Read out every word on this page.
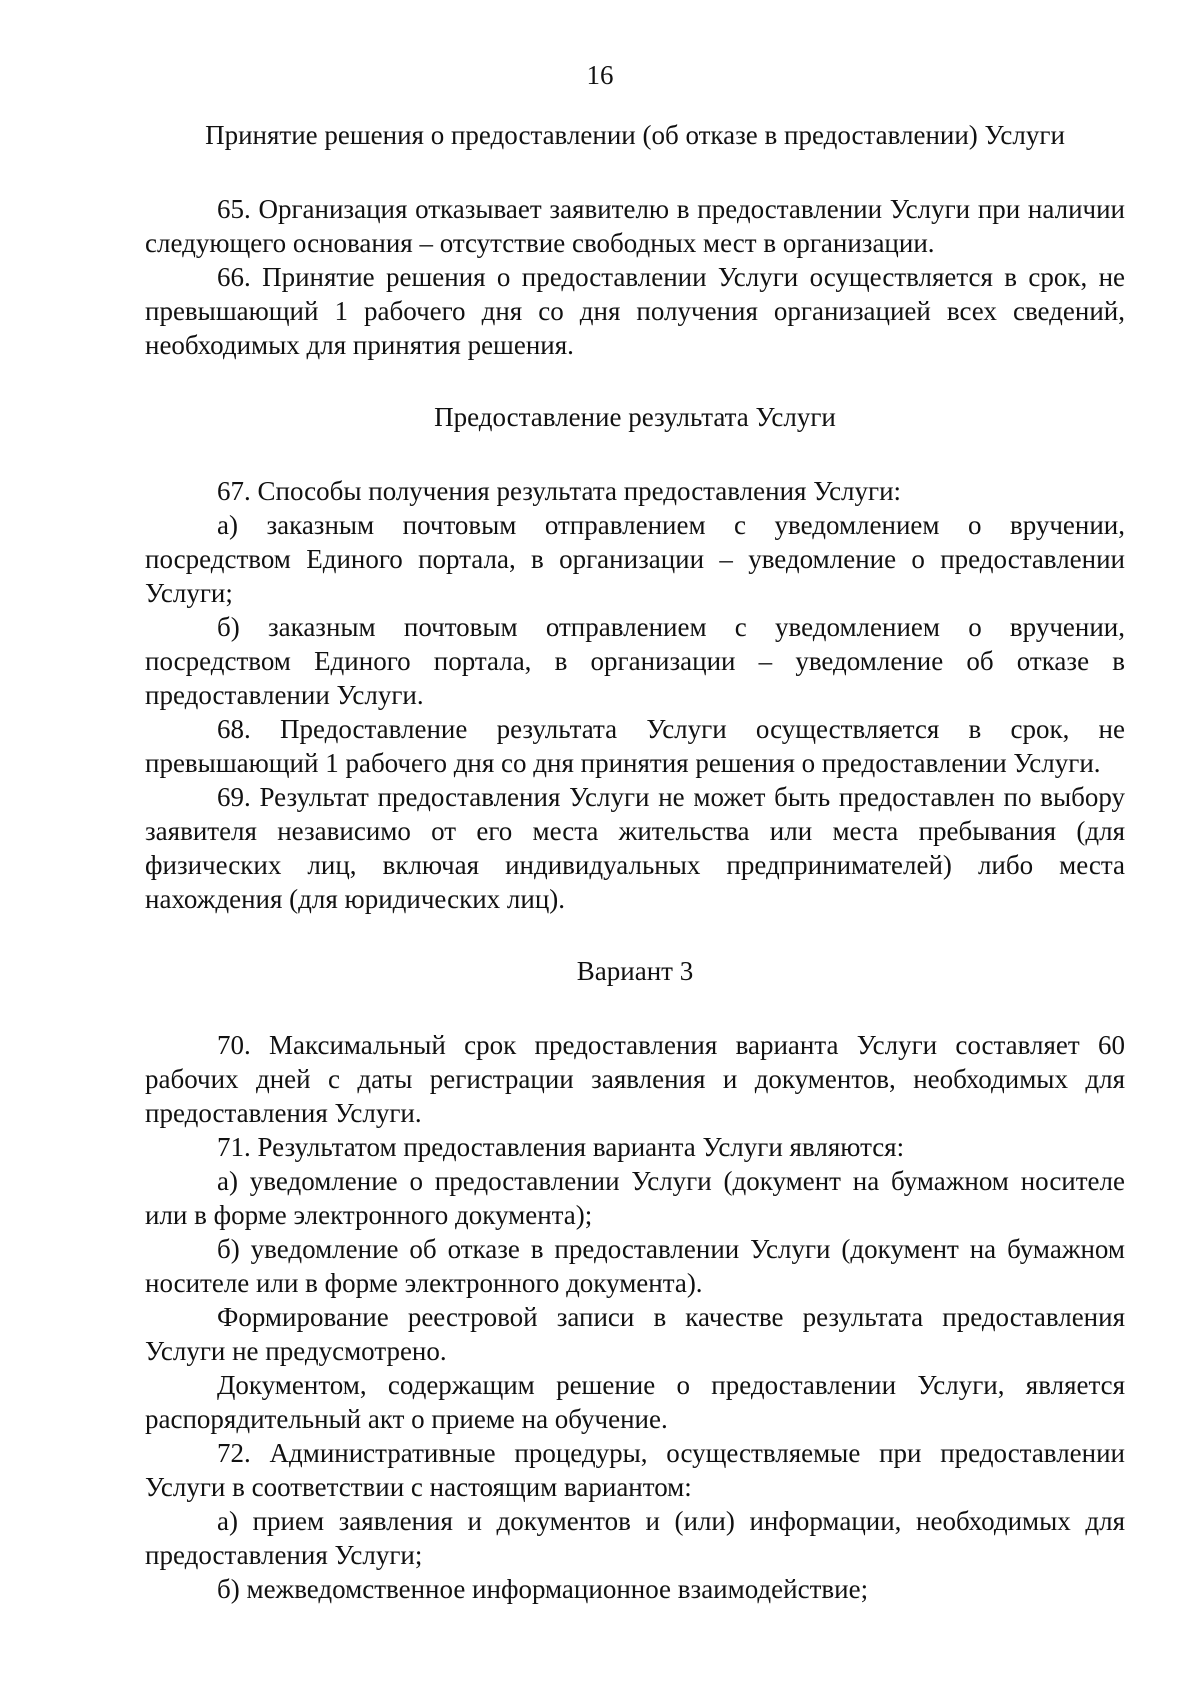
16

Принятие решения о предоставлении (об отказе в предоставлении) Услуги

65. Организация отказывает заявителю в предоставлении Услуги при наличии следующего основания – отсутствие свободных мест в организации.

66. Принятие решения о предоставлении Услуги осуществляется в срок, не превышающий 1 рабочего дня со дня получения организацией всех сведений, необходимых для принятия решения.

Предоставление результата Услуги

67. Способы получения результата предоставления Услуги:

а) заказным почтовым отправлением с уведомлением о вручении, посредством Единого портала, в организации – уведомление о предоставлении Услуги;

б) заказным почтовым отправлением с уведомлением о вручении, посредством Единого портала, в организации – уведомление об отказе в предоставлении Услуги.

68. Предоставление результата Услуги осуществляется в срок, не превышающий 1 рабочего дня со дня принятия решения о предоставлении Услуги.

69. Результат предоставления Услуги не может быть предоставлен по выбору заявителя независимо от его места жительства или места пребывания (для физических лиц, включая индивидуальных предпринимателей) либо места нахождения (для юридических лиц).

Вариант 3

70. Максимальный срок предоставления варианта Услуги составляет 60 рабочих дней с даты регистрации заявления и документов, необходимых для предоставления Услуги.

71. Результатом предоставления варианта Услуги являются:

а) уведомление о предоставлении Услуги (документ на бумажном носителе или в форме электронного документа);

б) уведомление об отказе в предоставлении Услуги (документ на бумажном носителе или в форме электронного документа).

Формирование реестровой записи в качестве результата предоставления Услуги не предусмотрено.

Документом, содержащим решение о предоставлении Услуги, является распорядительный акт о приеме на обучение.

72. Административные процедуры, осуществляемые при предоставлении Услуги в соответствии с настоящим вариантом:

а) прием заявления и документов и (или) информации, необходимых для предоставления Услуги;

б) межведомственное информационное взаимодействие;
